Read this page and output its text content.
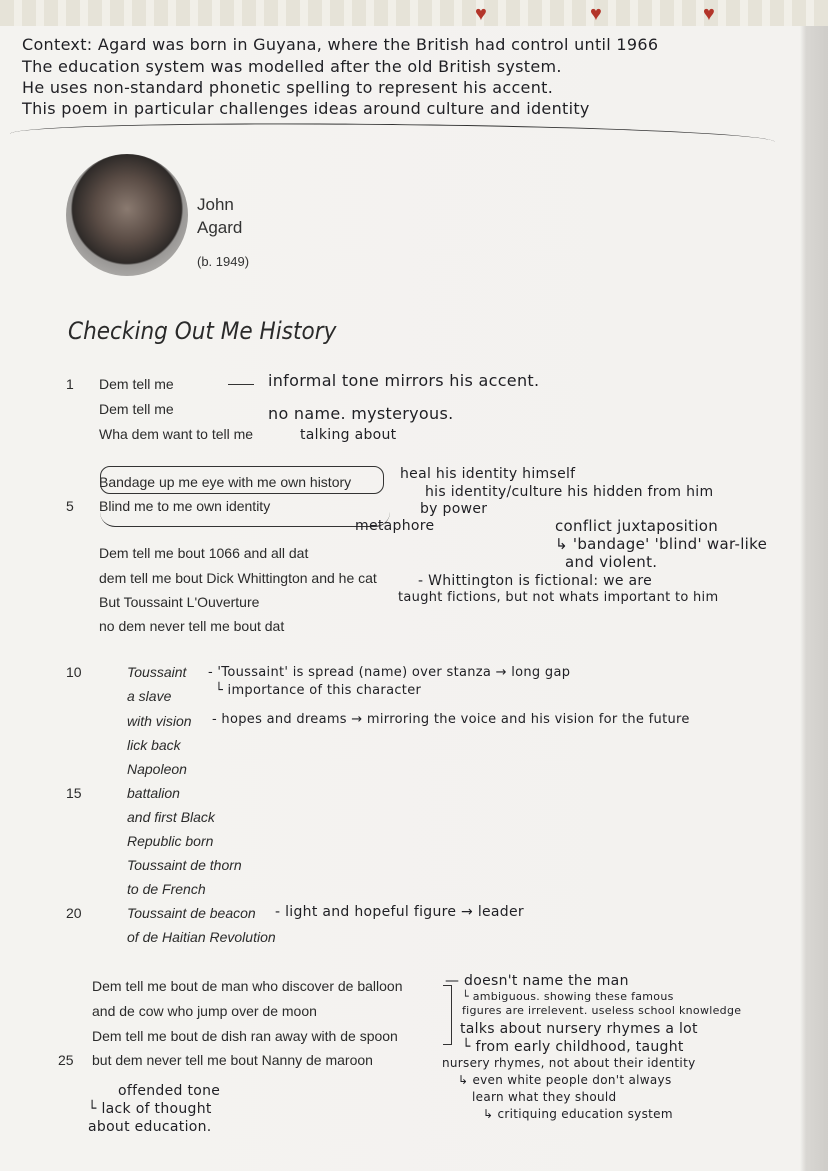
♥	♥	♥
Context: Agard was born in Guyana, where the British had control until 1966
The education system was modelled after the old British system.
He uses non-standard phonetic spelling to represent his accent.
This poem in particular challenges ideas around culture and identity
John
Agard
(b. 1949)
Checking Out Me History
1
5
10
15
20
25
Dem tell me
Dem tell me
Wha dem want to tell me
Bandage up me eye with me own history
Blind me to me own identity
Dem tell me bout 1066 and all dat
dem tell me bout Dick Whittington and he cat
But Toussaint L'Ouverture
no dem never tell me bout dat
Toussaint
a slave
with vision
lick back
Napoleon
battalion
and first Black
Republic born
Toussaint de thorn
to de French
Toussaint de beacon
of de Haitian Revolution
Dem tell me bout de man who discover de balloon
and de cow who jump over de moon
Dem tell me bout de dish ran away with de spoon
but dem never tell me bout Nanny de maroon
informal tone mirrors his accent.
no name. mysteryous.
talking about
heal his identity himself
his identity/culture his hidden from him
by power
metaphore	conflict juxtaposition
↳ 'bandage' 'blind' war-like
and violent.
- Whittington is fictional: we are
taught fictions, but not whats important to him
- 'Toussaint' is spread (name) over stanza → long gap
└ importance of this character
- hopes and dreams → mirroring the voice and his vision for the future
- light and hopeful figure → leader
— doesn't name the man
└ ambiguous. showing these famous
figures are irrelevent. useless school knowledge
talks about nursery rhymes a lot
└ from early childhood, taught
nursery rhymes, not about their identity
↳ even white people don't always
learn what they should
↳ critiquing education system
offended tone
└ lack of thought
about education.
